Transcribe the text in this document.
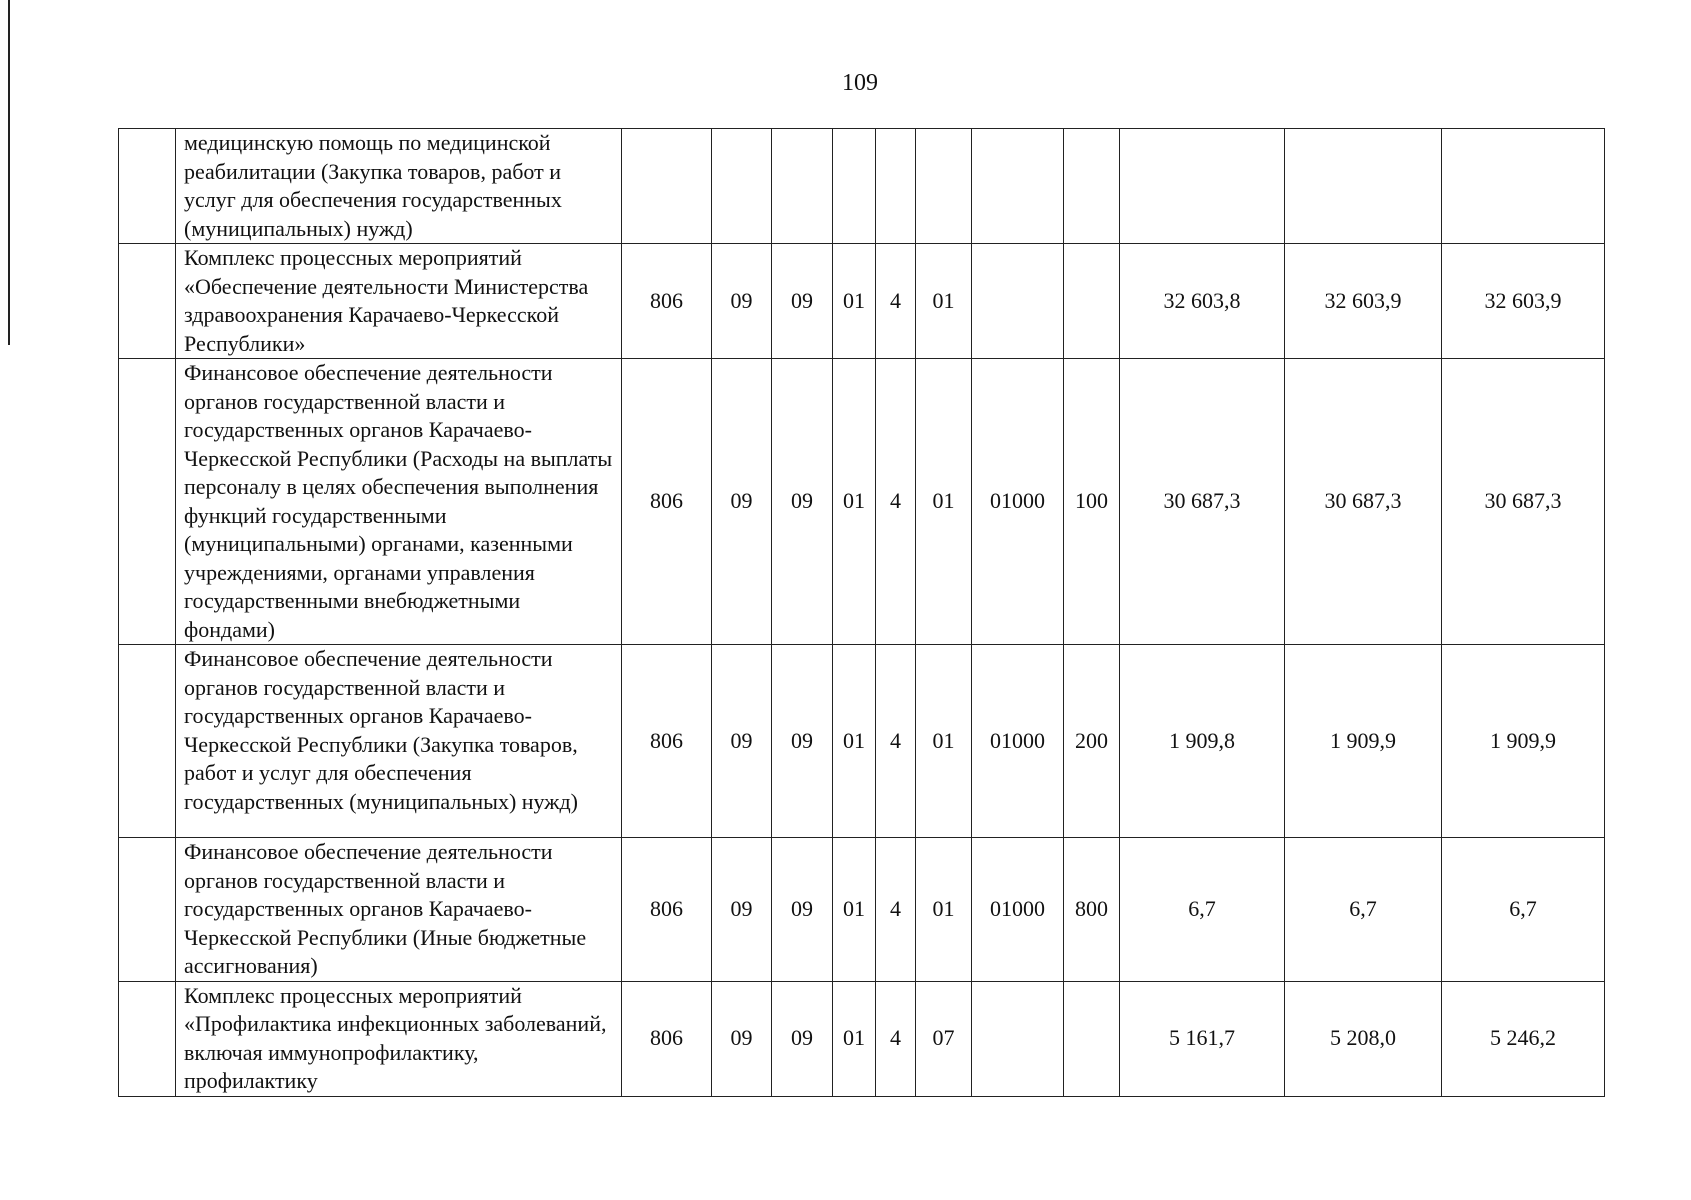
109
	медицинскую помощь по медицинской реабилитации (Закупка товаров, работ и услуг для обеспечения государственных (муниципальных) нужд)											
	Комплекс процессных мероприятий «Обеспечение деятельности Министерства здравоохранения Карачаево-Черкесской Республики»	806	09	09	01	4	01			32 603,8	32 603,9	32 603,9
	Финансовое обеспечение деятельности органов государственной власти и государственных органов Карачаево-Черкесской Республики (Расходы на выплаты персоналу в целях обеспечения выполнения функций государственными (муниципальными) органами, казенными учреждениями, органами управления государственными внебюджетными фондами)	806	09	09	01	4	01	01000	100	30 687,3	30 687,3	30 687,3
	Финансовое обеспечение деятельности органов государственной власти и государственных органов Карачаево-Черкесской Республики (Закупка товаров, работ и услуг для обеспечения государственных (муниципальных) нужд)	806	09	09	01	4	01	01000	200	1 909,8	1 909,9	1 909,9
	Финансовое обеспечение деятельности органов государственной власти и государственных органов Карачаево-Черкесской Республики (Иные бюджетные ассигнования)	806	09	09	01	4	01	01000	800	6,7	6,7	6,7
	Комплекс процессных мероприятий «Профилактика инфекционных заболеваний, включая иммунопрофилактику, профилактику	806	09	09	01	4	07			5 161,7	5 208,0	5 246,2
